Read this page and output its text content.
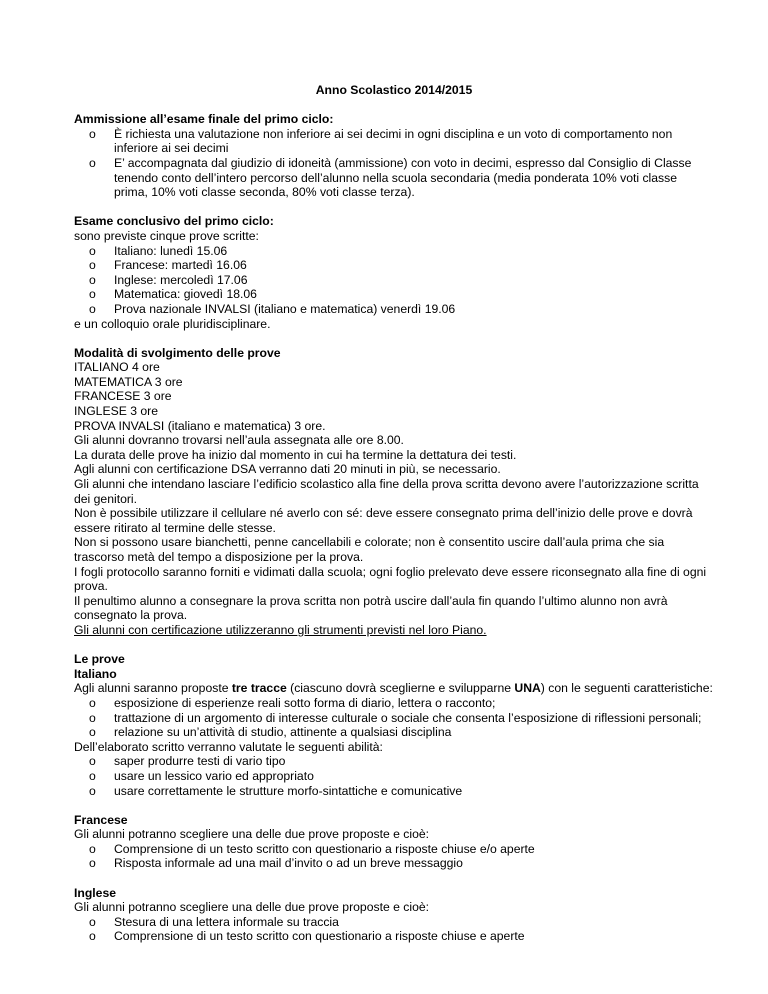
Anno Scolastico 2014/2015

Ammissione all’esame finale del primo ciclo:

o È richiesta una valutazione non inferiore ai sei decimi in ogni disciplina e un voto di comportamento non inferiore ai sei decimi
o E’ accompagnata dal giudizio di idoneità (ammissione) con voto in decimi, espresso dal Consiglio di Classe tenendo conto dell’intero percorso dell’alunno nella scuola secondaria (media ponderata 10% voti classe prima, 10% voti classe seconda, 80% voti classe terza).

Esame conclusivo del primo ciclo:

sono previste cinque prove scritte:

o Italiano: lunedì 15.06
o Francese: martedì 16.06
o Inglese: mercoledì 17.06
o Matematica: giovedì 18.06
o Prova nazionale INVALSI (italiano e matematica) venerdì 19.06

e un colloquio orale pluridisciplinare.

Modalità di svolgimento delle prove

ITALIANO 4 ore

MATEMATICA 3 ore

FRANCESE 3 ore

INGLESE 3 ore

PROVA INVALSI (italiano e matematica) 3 ore.

Gli alunni dovranno trovarsi nell’aula assegnata alle ore 8.00.

La durata delle prove ha inizio dal momento in cui ha termine la dettatura dei testi.

Agli alunni con certificazione DSA verranno dati 20 minuti in più, se necessario.

Gli alunni che intendano lasciare l’edificio scolastico alla fine della prova scritta devono avere l’autorizzazione scritta dei genitori.

Non è possibile utilizzare il cellulare né averlo con sé: deve essere consegnato prima dell’inizio delle prove e dovrà essere ritirato al termine delle stesse.

Non si possono usare bianchetti, penne cancellabili e colorate; non è consentito uscire dall’aula prima che sia trascorso metà del tempo a disposizione per la prova.

I fogli protocollo saranno forniti e vidimati dalla scuola; ogni foglio prelevato deve essere riconsegnato alla fine di ogni prova.

Il penultimo alunno a consegnare la prova scritta non potrà uscire dall’aula fin quando l’ultimo alunno non avrà consegnato la prova.

Gli alunni con certificazione utilizzeranno gli strumenti previsti nel loro Piano.

Le prove

Italiano

Agli alunni saranno proposte tre tracce (ciascuno dovrà sceglierne e svilupparne UNA) con le seguenti caratteristiche:

o esposizione di esperienze reali sotto forma di diario, lettera o racconto;
o trattazione di un argomento di interesse culturale o sociale che consenta l’esposizione di riflessioni personali;
o relazione su un’attività di studio, attinente a qualsiasi disciplina

Dell’elaborato scritto verranno valutate le seguenti abilità:

o saper produrre testi di vario tipo
o usare un lessico vario ed appropriato
o usare correttamente le strutture morfo-sintattiche e comunicative

Francese

Gli alunni potranno scegliere una delle due prove proposte e cioè:

o Comprensione di un testo scritto con questionario a risposte chiuse e/o aperte
o Risposta informale ad una mail d’invito o ad un breve messaggio

Inglese

Gli alunni potranno scegliere una delle due prove proposte e cioè:

o Stesura di una lettera informale su traccia
o Comprensione di un testo scritto con questionario a risposte chiuse e aperte
